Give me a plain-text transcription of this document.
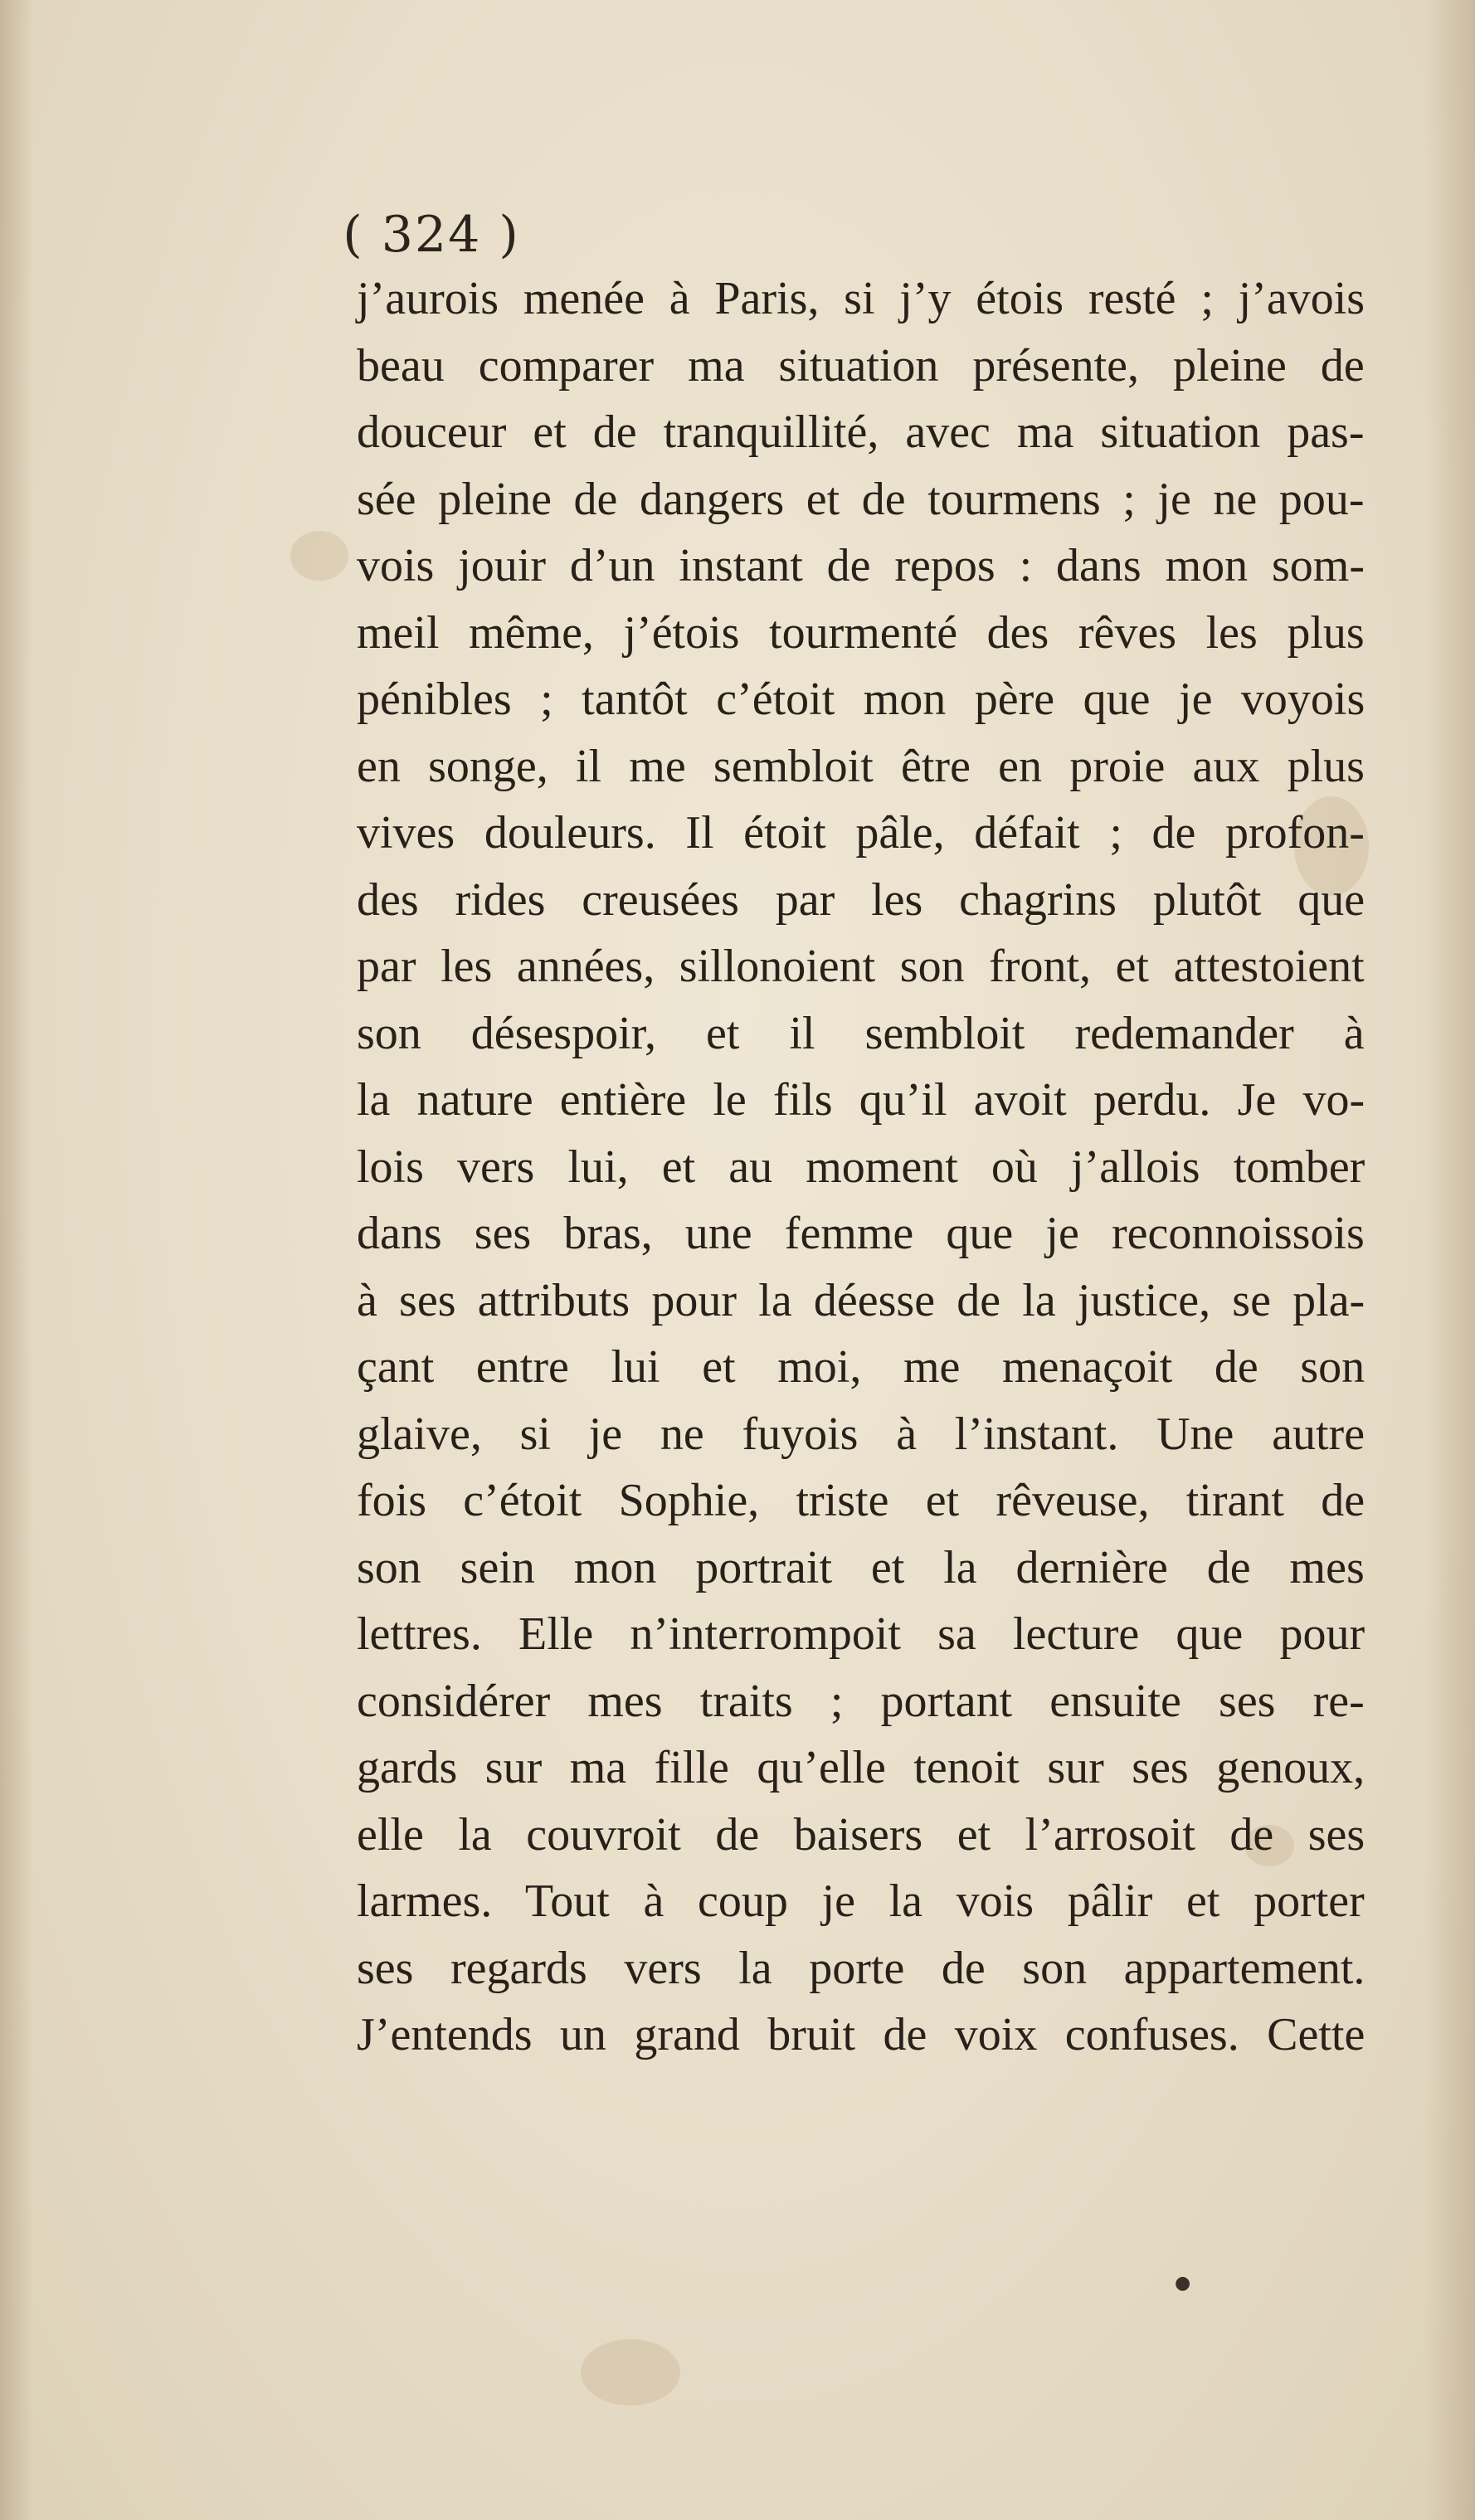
( 324 )
j’aurois menée à Paris, si j’y étois resté ; j’avois
beau comparer ma situation présente, pleine de
douceur et de tranquillité, avec ma situation pas-
sée pleine de dangers et de tourmens ; je ne pou-
vois jouir d’un instant de repos : dans mon som-
meil même, j’étois tourmenté des rêves les plus
pénibles ; tantôt c’étoit mon père que je voyois
en songe, il me sembloit être en proie aux plus
vives douleurs. Il étoit pâle, défait ; de profon-
des rides creusées par les chagrins plutôt que
par les années, sillonoient son front, et attestoient
son désespoir, et il sembloit redemander à
la nature entière le fils qu’il avoit perdu. Je vo-
lois vers lui, et au moment où j’allois tomber
dans ses bras, une femme que je reconnoissois
à ses attributs pour la déesse de la justice, se pla-
çant entre lui et moi, me menaçoit de son
glaive, si je ne fuyois à l’instant. Une autre
fois c’étoit Sophie, triste et rêveuse, tirant de
son sein mon portrait et la dernière de mes
lettres. Elle n’interrompoit sa lecture que pour
considérer mes traits ; portant ensuite ses re-
gards sur ma fille qu’elle tenoit sur ses genoux,
elle la couvroit de baisers et l’arrosoit de ses
larmes. Tout à coup je la vois pâlir et porter
ses regards vers la porte de son appartement.
J’entends un grand bruit de voix confuses. Cette
●
